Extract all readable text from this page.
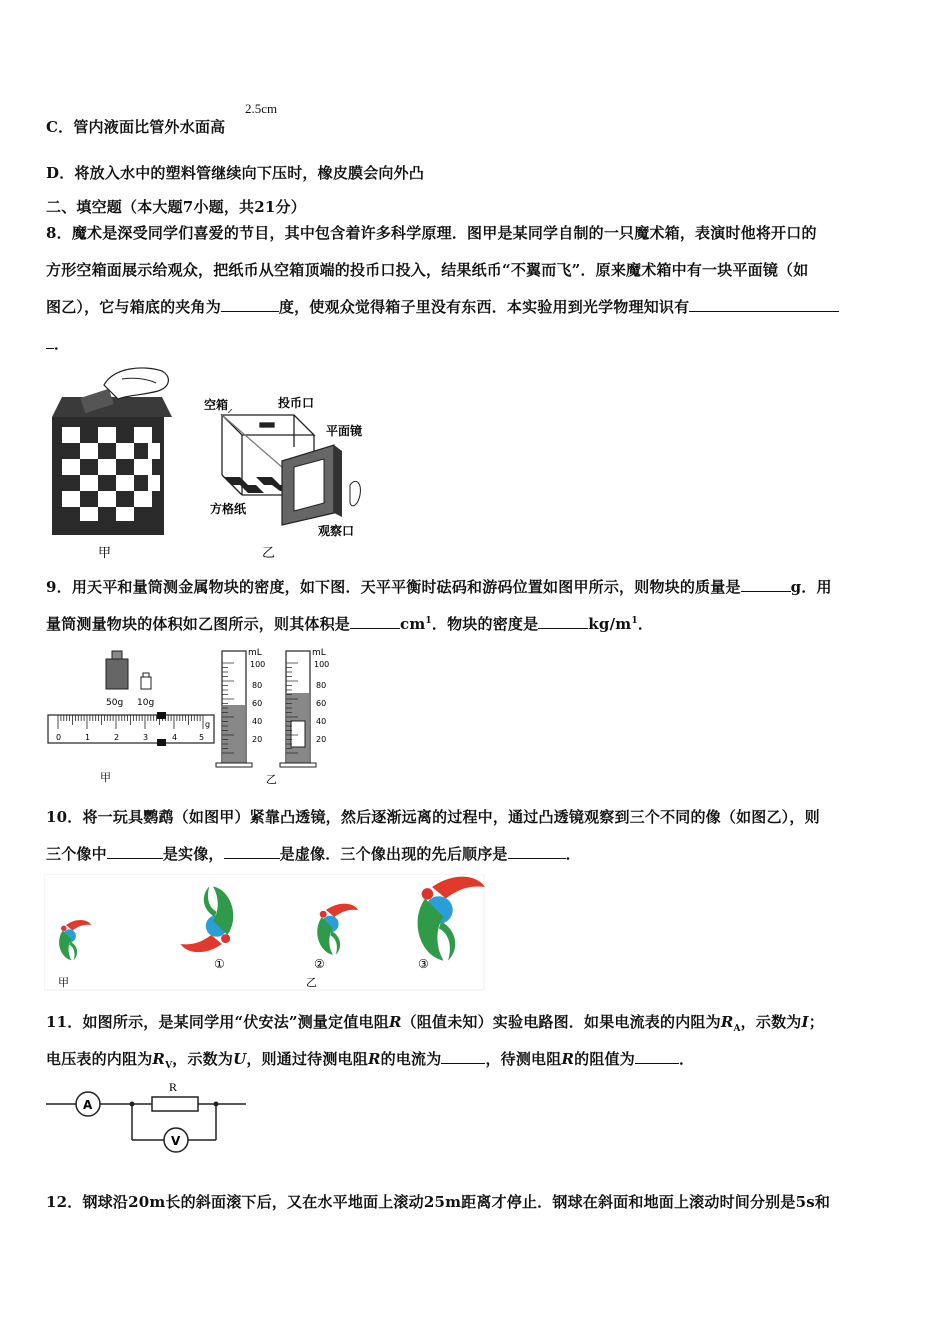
C．管内液面比管外水面高
2.5cm
D．将放入水中的塑料管继续向下压时，橡皮膜会向外凸
二、填空题（本大题7小题，共21分）
8．魔术是深受同学们喜爱的节目，其中包含着许多科学原理．图甲是某同学自制的一只魔术箱，表演时他将开口的
方形空箱面展示给观众，把纸币从空箱顶端的投币口投入，结果纸币“不翼而飞”．原来魔术箱中有一块平面镜（如
图乙），它与箱底的夹角为	度，使观众觉得箱子里没有东西．本实验用到光学物理知识有
．
甲
空箱	投币口
平面镜
方格纸
观察口
乙
9．用天平和量筒测金属物块的密度，如下图．天平平衡时砝码和游码位置如图甲所示，则物块的质量是	g．用
量筒测量物块的体积如乙图所示，则其体积是	$cm^1$．物块的密度是	$kg/m^1$．
50g 10g
0	1	2	3	4	5
g
甲
mL
100
80
60
40
20
mL
100
80
60
40
20
乙
10．将一玩具鹦鹉（如图甲）紧靠凸透镜，然后逐渐远离的过程中，通过凸透镜观察到三个不同的像（如图乙），则
三个像中	是实像，	是虚像．三个像出现的先后顺序是	．
甲
①	②	③
乙
11．如图所示，是某同学用“伏安法”测量定值电阻R（阻值未知）实验电路图．如果电流表的内阻为$R_A$，示数为I；
电压表的内阻为$R_V$，示数为U，则通过待测电阻R的电流为	，待测电阻R的阻值为	．
A
R
V
12．钢球沿20m长的斜面滚下后，又在水平地面上滚动25m距离才停止．钢球在斜面和地面上滚动时间分别是5s和
